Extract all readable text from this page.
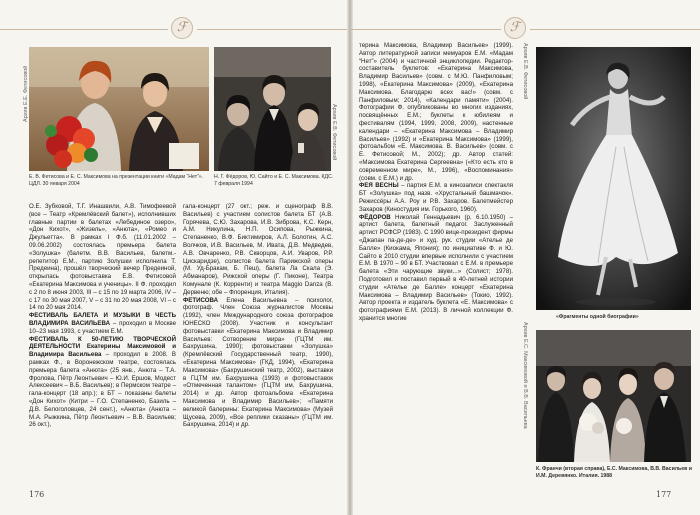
ℱ
Архив Е.Е. Фетисовой
Е. В. Фетисова и Е. С. Максимова на презентации книги «Мадам “Нет”». ЦДЛ. 30 января 2004
Архив Е.В. Фетисовой
Н. Г. Фёдоров, Ю. Сайто и Е. С. Максимова. КДС. 7 февраля 1994

О.Е. Зубковой, Т.Г. Инашвили, А.В. Тимофеевой (все – Театр «Кремлёвский балет»), исполнивших главные партии в балетах «Лебединое озеро», «Дон Кихот», «Жизель», «Анюта», «Ромео и Джульетта». В рамках I Ф.б. (11.01.2002 – 09.06.2002) состоялась премьера балета «Золушка» (балетм. В.В. Васильев, балетм.-репетитор Е.М., партию Золушки исполнила Т. Предеина), прошёл творческий вечер Предеиной, открылась фотовыставка Е.В. Фетисовой «Екатерина Максимова и ученицы». II Ф. проходил с 2 по 8 июня 2003, III – с 15 по 19 марта 2006, IV – с 17 по 30 мая 2007, V – с 31 по 20 мая 2008, VI – с 14 по 20 мая 2014.

ФЕСТИВАЛЬ БАЛЕТА И МУЗЫКИ В ЧЕСТЬ ВЛАДИМИРА ВАСИЛЬЕВА – проходил в Москве 10–23 мая 1993, с участием Е.М.

ФЕСТИВАЛЬ К 50-ЛЕТИЮ ТВОРЧЕСКОЙ ДЕЯТЕЛЬНОСТИ Екатерины Максимовой и Владимира Васильева – проходил в 2008. В рамках Ф., в Воронежском театре, состоялась премьера балета «Анюта» (25 янв., Анюта – Т.А. Фролова, Пётр Леонтьевич – Ю.И. Ершов, Модест Алексеевич – В.Б. Васильев); в Пермском театре – гала-концерт (18 апр.); в БТ – показаны балеты «Дон Кихот» (Китри – Г.О. Степаненко, Базиль – Д.В. Белоголовцев, 24 сент.), «Анюта» (Анюта – М.А. Рыжкина, Пётр Леонтьевич – В.В. Васильев; 26 окт.),

гала-концерт (27 окт.; реж. и сценограф В.В. Васильев) с участием солистов балета БТ (А.В. Горячева, С.Ю. Захарова, И.В. Зиброва, К.С. Керн, А.М. Никулина, Н.П. Осипова, Рыжкина, Степаненко, В.Ф. Биктимиров, А.Л. Болотин, А.С. Волчков, И.В. Васильев, М. Ивата, Д.В. Медведев, А.В. Овчаренко, Р.В. Скворцов, А.И. Уваров, Р.Р. Цискаридзе), солистов балета Парижской оперы (М. Уд-Бракам, Б. Пеш), балета Ла Скала (Э. Абманаров), Рижской оперы (Г. Пиконе), Театра Комунале (К. Корренти) и театра Maggio Danza (В. Дервеню; обе – Флоренция, Италия).

ФЕТИСОВА Елена Васильевна – психолог, фотограф. Член Союза журналистов Москвы (1992), член Международного союза фотографов ЮНЕСКО (2008). Участник и консультант фотовыставки «Екатерина Максимова и Владимир Васильев: Сотворение мира» (ГЦТМ им. Бахрушина, 1990); фотовыставки «Золушка» (Кремлёвский Государственный театр, 1990), «Екатерина Максимова» (ГКД, 1994), «Екатерина Максимова» (Бахрушинский театр, 2002), выставки в ГЦТМ им. Бахрушина (1993) и фотовыставок «Отмеченная талантом» (ГЦТМ им. Бахрушина, 2014) и др. Автор фотоальбома «Екатерина Максимова и Владимир Васильев»; «Памяти великой балерины: Екатерина Максимова» (Музей Щусева, 2009), «Все реплики сказаны» (ГЦТМ им. Бахрушина, 2014) и др.

176
ℱ

терина Максимова, Владимир Васильев» (1999). Автор литературной записи мемуаров Е.М. «Мадам “Нет”» (2004) и частичной энциклопедии. Редактор-составитель буклетов: «Екатерина Максимова, Владимир Васильев» (совм. с М.Ю. Панфиловым; 1998), «Екатерина Максимова» (2009), «Екатерина Максимова. Благодарю всех вас!» (совм. с Панфиловым; 2014), «Календари памяти» (2004). Фотографии Ф. опубликованы во многих изданиях, посвящённых Е.М.; буклеты к юбилеям и фестивалям (1994, 1999, 2008, 2009), настенные календари – «Екатерина Максимова – Владимир Васильев» (1992) и «Екатерина Максимова» (1999), фотоальбом «Е. Максимова. В. Васильев» (совм. с Е. Фетисовой; М., 2002); др. Автор статей: «Максимова Екатерина Сергеевна» («Кто есть кто в современном мире», М., 1996), «Воспоминания» (совм. с Е.М.) и др.

ФЕЯ ВЕСНЫ – партия Е.М. в кинозаписи спектакля БТ «Золушка» под назв. «Хрустальный башмачок». Режиссёры А.А. Роу и Р.В. Захаров. Балетмейстер Захаров (Киностудия им. Горького, 1960).

ФЁДОРОВ Николай Геннадьевич (р. 6.10.1950) – артист балета, балетный педагог. Заслуженный артист РСФСР (1983). С 1990 вице-президент фирмы «Джапан па-де-де» и худ. рук. студии «Ателье де Балле» (Киокама, Япония); по инициативе Ф. и Ю. Сайто в 2010 студии впервые исполнили с участием Е.М. В 1970 – 90 в БТ. Участвовал с Е.М. в премьере балета «Эти чарующие звуки...» (Солист; 1978). Подготовил и поставил первый в 40-летней истории студии «Ателье де Балле» концерт «Екатерина Максимова – Владимир Васильев» (Токио, 1992). Автор проекта и издатель буклета «Е. Максимова» с фотографиями Е.М. (2013). В личной коллекции Ф. хранится многие

Архив Е.В. Фетисовой
«Фрагменты одной биографии»
Архив Е.С. Максимовой и В.В. Васильева
К. Франчи (вторая справа), Е.С. Максимова, В.В. Васильев и И.М. Деревянко. Италия. 1988
177
